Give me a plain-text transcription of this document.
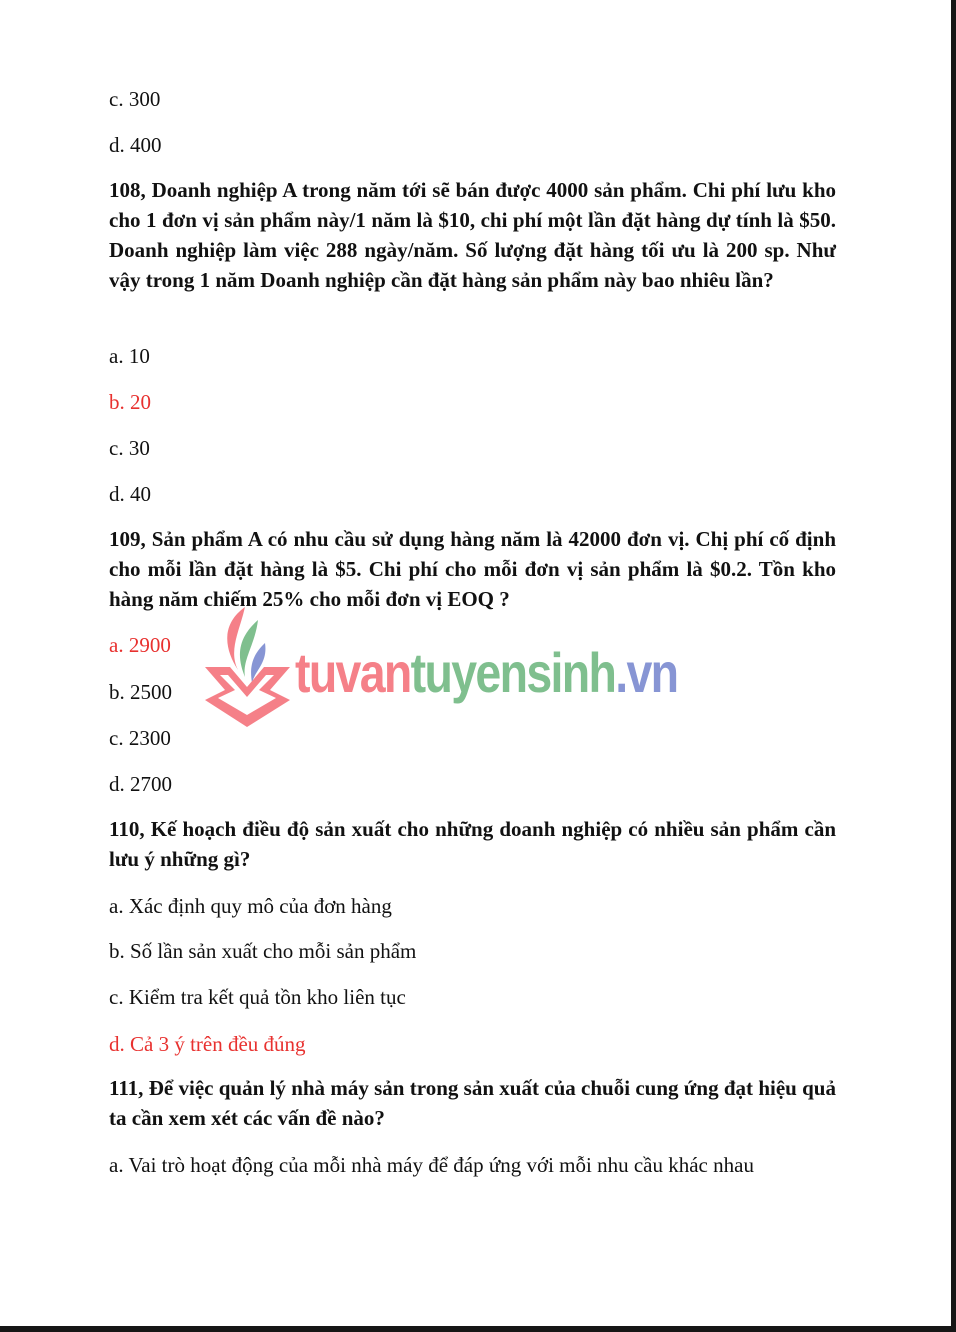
c. 300
d. 400
108, Doanh nghiệp A trong năm tới sẽ bán được 4000 sản phẩm. Chi phí lưu kho cho 1 đơn vị sản phẩm này/1 năm là $10, chi phí một lần đặt hàng dự tính là $50. Doanh nghiệp làm việc 288 ngày/năm. Số lượng đặt hàng tối ưu là 200 sp. Như vậy trong 1 năm Doanh nghiệp cần đặt hàng sản phẩm này bao nhiêu lần?
a. 10
b. 20
c. 30
d. 40
109, Sản phẩm A có nhu cầu sử dụng hàng năm là 42000 đơn vị. Chị phí cố định cho mỗi lần đặt hàng là $5. Chi phí cho mỗi đơn vị sản phẩm là $0.2. Tồn kho hàng năm chiếm 25% cho mỗi đơn vị EOQ ?
a. 2900
b. 2500
c. 2300
d. 2700
110, Kế hoạch điều độ sản xuất cho những doanh nghiệp có nhiều sản phẩm cần lưu ý những gì?
a. Xác định quy mô của đơn hàng
b. Số lần sản xuất cho mỗi sản phẩm
c. Kiểm tra kết quả tồn kho liên tục
d. Cả 3 ý trên đều đúng
111, Để việc quản lý nhà máy sản trong sản xuất của chuỗi cung ứng đạt hiệu quả ta cần xem xét các vấn đề nào?
a. Vai trò hoạt động của mỗi nhà máy để đáp ứng với mỗi nhu cầu khác nhau
tuvantuyensinh.vn
